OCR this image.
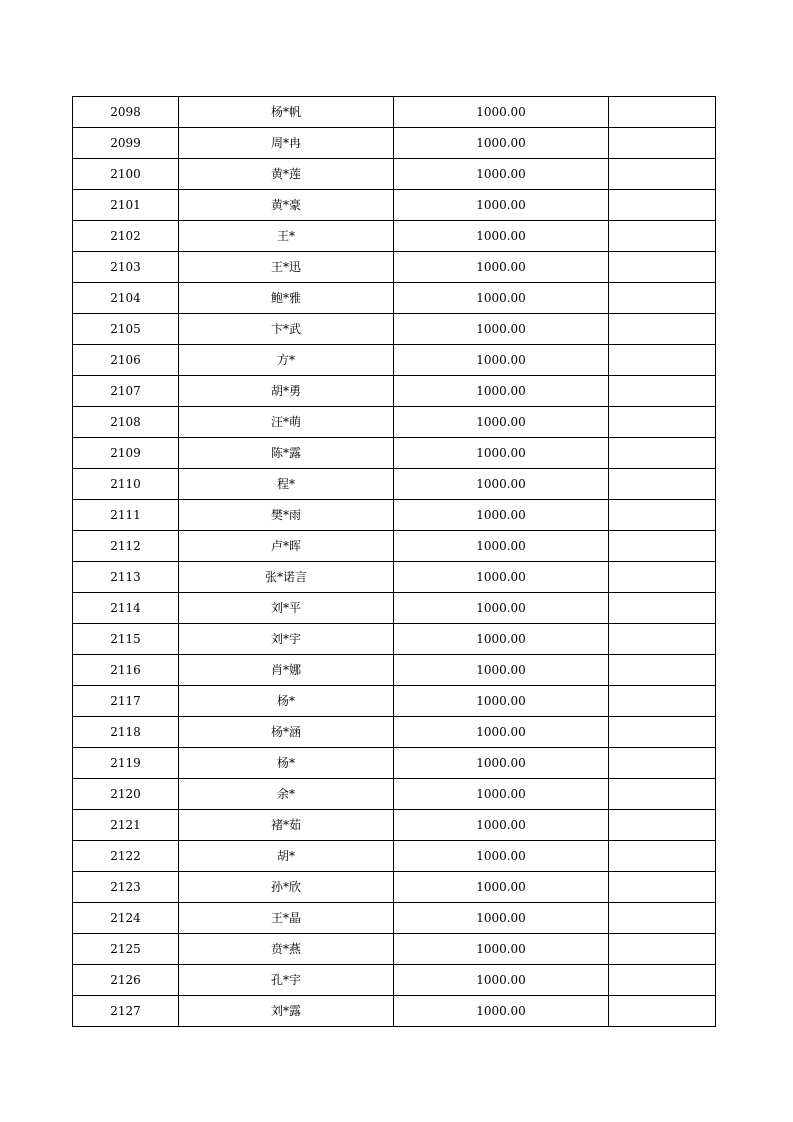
2098	杨*帆	1000.00	
2099	周*冉	1000.00	
2100	黄*莲	1000.00	
2101	黄*豪	1000.00	
2102	王*	1000.00	
2103	王*迅	1000.00	
2104	鲍*雅	1000.00	
2105	卞*武	1000.00	
2106	方*	1000.00	
2107	胡*勇	1000.00	
2108	汪*萌	1000.00	
2109	陈*露	1000.00	
2110	程*	1000.00	
2111	樊*雨	1000.00	
2112	卢*晖	1000.00	
2113	张*诺言	1000.00	
2114	刘*平	1000.00	
2115	刘*宇	1000.00	
2116	肖*娜	1000.00	
2117	杨*	1000.00	
2118	杨*涵	1000.00	
2119	杨*	1000.00	
2120	余*	1000.00	
2121	褚*茹	1000.00	
2122	胡*	1000.00	
2123	孙*欣	1000.00	
2124	王*晶	1000.00	
2125	贲*燕	1000.00	
2126	孔*宇	1000.00	
2127	刘*露	1000.00	
